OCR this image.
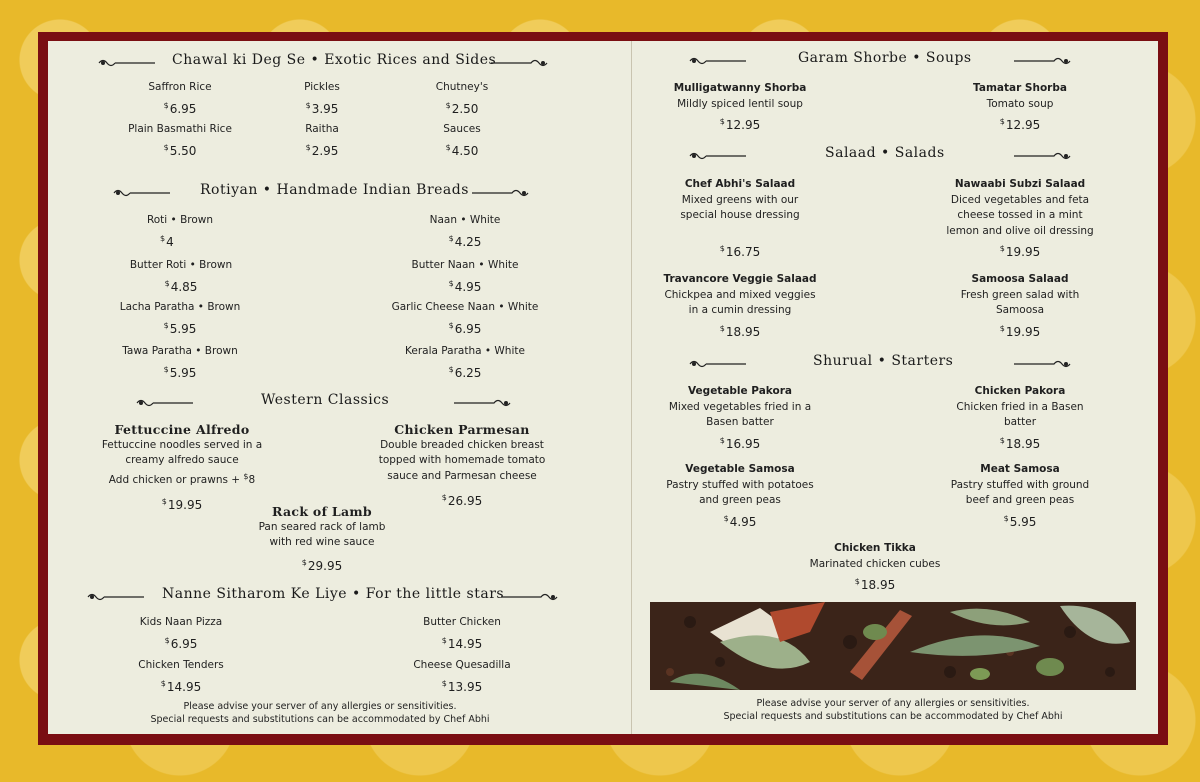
Chawal ki Deg Se • Exotic Rices and Sides
Saffron Rice
$6.95
Pickles
$3.95
Chutney's
$2.50
Plain Basmathi Rice
$5.50
Raitha
$2.95
Sauces
$4.50
Rotiyan • Handmade Indian Breads
Roti • Brown
$4
Naan • White
$4.25
Butter Roti • Brown
$4.85
Butter Naan • White
$4.95
Lacha Paratha • Brown
$5.95
Garlic Cheese Naan • White
$6.95
Tawa Paratha • Brown
$5.95
Kerala Paratha • White
$6.25
Western Classics
Fettuccine Alfredo
Fettuccine noodles served in a
creamy alfredo sauce
Add chicken or prawns + $8
$19.95
Chicken Parmesan
Double breaded chicken breast
topped with homemade tomato
sauce and Parmesan cheese
$26.95
Rack of Lamb
Pan seared rack of lamb
with red wine sauce
$29.95
Nanne Sitharom Ke Liye • For the little stars
Kids Naan Pizza
$6.95
Butter Chicken
$14.95
Chicken Tenders
$14.95
Cheese Quesadilla
$13.95
Please advise your server of any allergies or sensitivities.
Special requests and substitutions can be accommodated by Chef Abhi
Garam Shorbe • Soups
Mulligatwanny Shorba
Mildly spiced lentil soup
$12.95
Tamatar Shorba
Tomato soup
$12.95
Salaad • Salads
Chef Abhi's Salaad
Mixed greens with our
special house dressing
$16.75
Nawaabi Subzi Salaad
Diced vegetables and feta
cheese tossed in a mint
lemon and olive oil dressing
$19.95
Travancore Veggie Salaad
Chickpea and mixed veggies
in a cumin dressing
$18.95
Samoosa Salaad
Fresh green salad with
Samoosa
$19.95
Shurual • Starters
Vegetable Pakora
Mixed vegetables fried in a
Basen batter
$16.95
Chicken Pakora
Chicken fried in a Basen
batter
$18.95
Vegetable Samosa
Pastry stuffed with potatoes
and green peas
$4.95
Meat Samosa
Pastry stuffed with ground
beef and green peas
$5.95
Chicken Tikka
Marinated chicken cubes
$18.95
Please advise your server of any allergies or sensitivities.
Special requests and substitutions can be accommodated by Chef Abhi
